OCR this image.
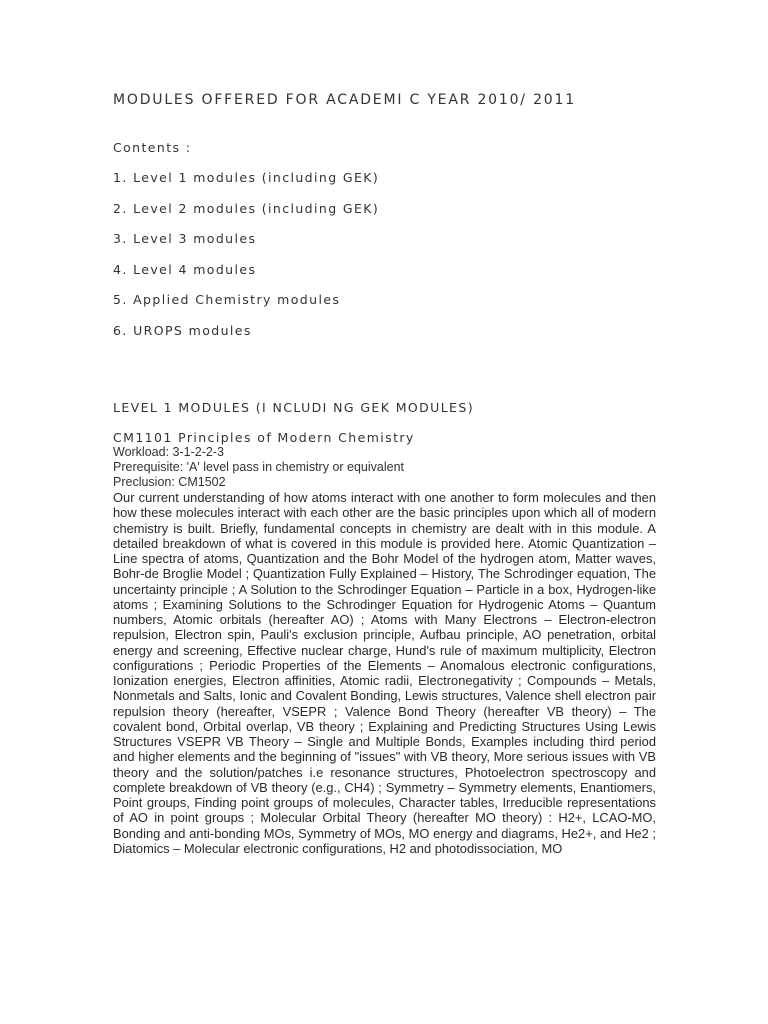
MODULES OFFERED FOR ACADEMI C YEAR 2010/ 2011

Contents :

1. Level 1 modules (including GEK)
2. Level 2 modules (including GEK)
3. Level 3 modules
4. Level 4 modules
5. Applied Chemistry modules
6. UROPS modules
LEVEL 1 MODULES (I NCLUDI NG GEK MODULES)

CM1101 Principles of Modern Chemistry

Workload: 3-1-2-2-3
Prerequisite: 'A' level pass in chemistry or equivalent
Preclusion: CM1502

Our current understanding of how atoms interact with one another to form molecules and then how these molecules interact with each other are the basic principles upon which all of modern chemistry is built. Briefly, fundamental concepts in chemistry are dealt with in this module. A detailed breakdown of what is covered in this module is provided here. Atomic Quantization – Line spectra of atoms, Quantization and the Bohr Model of the hydrogen atom, Matter waves, Bohr-de Broglie Model ; Quantization Fully Explained – History, The Schrodinger equation, The uncertainty principle ; A Solution to the Schrodinger Equation – Particle in a box, Hydrogen-like atoms ; Examining Solutions to the Schrodinger Equation for Hydrogenic Atoms – Quantum numbers, Atomic orbitals (hereafter AO) ; Atoms with Many Electrons – Electron-electron repulsion, Electron spin, Pauli's exclusion principle, Aufbau principle, AO penetration, orbital energy and screening, Effective nuclear charge, Hund's rule of maximum multiplicity, Electron configurations ; Periodic Properties of the Elements – Anomalous electronic configurations, Ionization energies, Electron affinities, Atomic radii, Electronegativity ; Compounds – Metals, Nonmetals and Salts, Ionic and Covalent Bonding, Lewis structures, Valence shell electron pair repulsion theory (hereafter, VSEPR ; Valence Bond Theory (hereafter VB theory) – The covalent bond, Orbital overlap, VB theory ; Explaining and Predicting Structures Using Lewis Structures VSEPR VB Theory – Single and Multiple Bonds, Examples including third period and higher elements and the beginning of "issues" with VB theory, More serious issues with VB theory and the solution/patches i.e resonance structures, Photoelectron spectroscopy and complete breakdown of VB theory (e.g., CH4) ; Symmetry – Symmetry elements, Enantiomers, Point groups, Finding point groups of molecules, Character tables, Irreducible representations of AO in point groups ; Molecular Orbital Theory (hereafter MO theory) : H2+, LCAO-MO, Bonding and anti-bonding MOs, Symmetry of MOs, MO energy and diagrams, He2+, and He2 ; Diatomics – Molecular electronic configurations, H2 and photodissociation, MO
